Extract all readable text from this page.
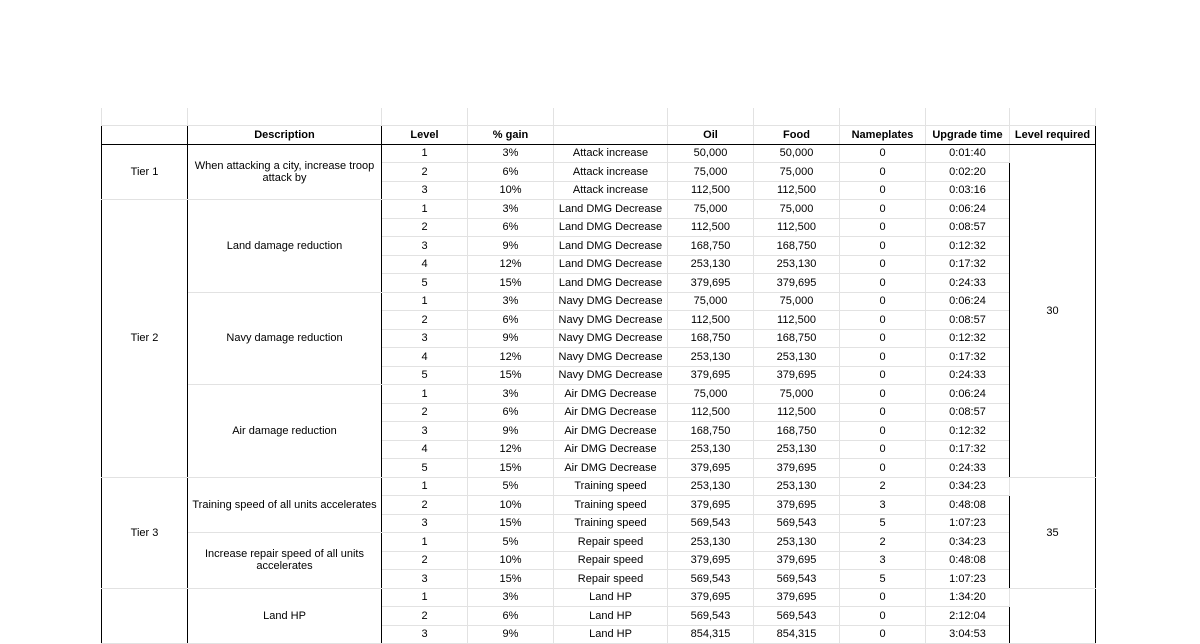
	Description	Level	% gain		Oil	Food	Nameplates	Upgrade time	Level required
Tier 1	When attacking a city, increase troop attack by	1	3%	Attack increase	50,000	50,000	0	0:01:40	30
		2	6%	Attack increase	75,000	75,000	0	0:02:20	
		3	10%	Attack increase	112,500	112,500	0	0:03:16	
Tier 2	Land damage reduction	1	3%	Land DMG Decrease	75,000	75,000	0	0:06:24	
		2	6%	Land DMG Decrease	112,500	112,500	0	0:08:57	
		3	9%	Land DMG Decrease	168,750	168,750	0	0:12:32	
		4	12%	Land DMG Decrease	253,130	253,130	0	0:17:32	
		5	15%	Land DMG Decrease	379,695	379,695	0	0:24:33	
	Navy damage reduction	1	3%	Navy DMG Decrease	75,000	75,000	0	0:06:24	
		2	6%	Navy DMG Decrease	112,500	112,500	0	0:08:57	
		3	9%	Navy DMG Decrease	168,750	168,750	0	0:12:32	
		4	12%	Navy DMG Decrease	253,130	253,130	0	0:17:32	
		5	15%	Navy DMG Decrease	379,695	379,695	0	0:24:33	
	Air damage reduction	1	3%	Air DMG Decrease	75,000	75,000	0	0:06:24	
		2	6%	Air DMG Decrease	112,500	112,500	0	0:08:57	
		3	9%	Air DMG Decrease	168,750	168,750	0	0:12:32	
		4	12%	Air DMG Decrease	253,130	253,130	0	0:17:32	
		5	15%	Air DMG Decrease	379,695	379,695	0	0:24:33	
Tier 3	Training speed of all units accelerates	1	5%	Training speed	253,130	253,130	2	0:34:23	35
		2	10%	Training speed	379,695	379,695	3	0:48:08	
		3	15%	Training speed	569,543	569,543	5	1:07:23	
	Increase repair speed of all units accelerates	1	5%	Repair speed	253,130	253,130	2	0:34:23	
		2	10%	Repair speed	379,695	379,695	3	0:48:08	
		3	15%	Repair speed	569,543	569,543	5	1:07:23	
	Land HP	1	3%	Land HP	379,695	379,695	0	1:34:20	
		2	6%	Land HP	569,543	569,543	0	2:12:04	
		3	9%	Land HP	854,315	854,315	0	3:04:53	
